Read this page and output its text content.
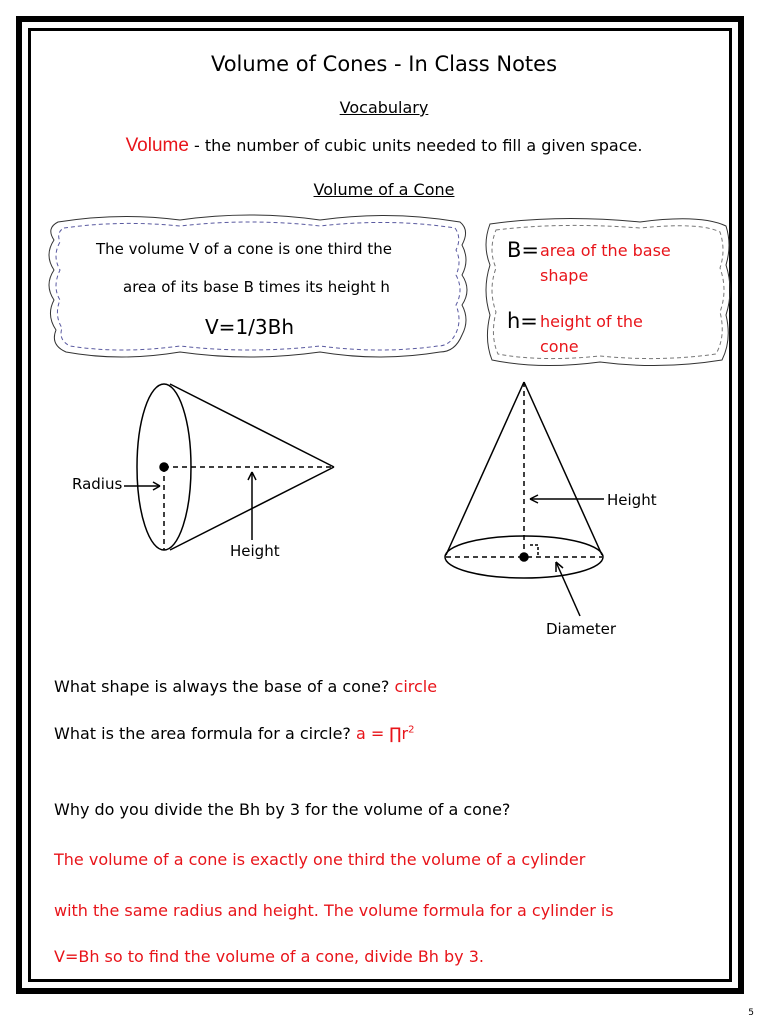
Volume of Cones - In Class Notes
Vocabulary
Volume - the number of cubic units needed to fill a given space.
Volume of a Cone
The volume V of a cone is one third the
area of its base B times its height h
V=1/3Bh
B= area of the base
shape
h= height of the
cone
Radius
Height
Height
Diameter
What shape is always the base of a cone? circle
What is the area formula for a circle? $a = \prod r^2$
Why do you divide the Bh by 3 for the volume of a cone?
The volume of a cone is exactly one third the volume of a cylinder
with the same radius and height. The volume formula for a cylinder is
V=Bh so to find the volume of a cone, divide Bh by 3.
5
